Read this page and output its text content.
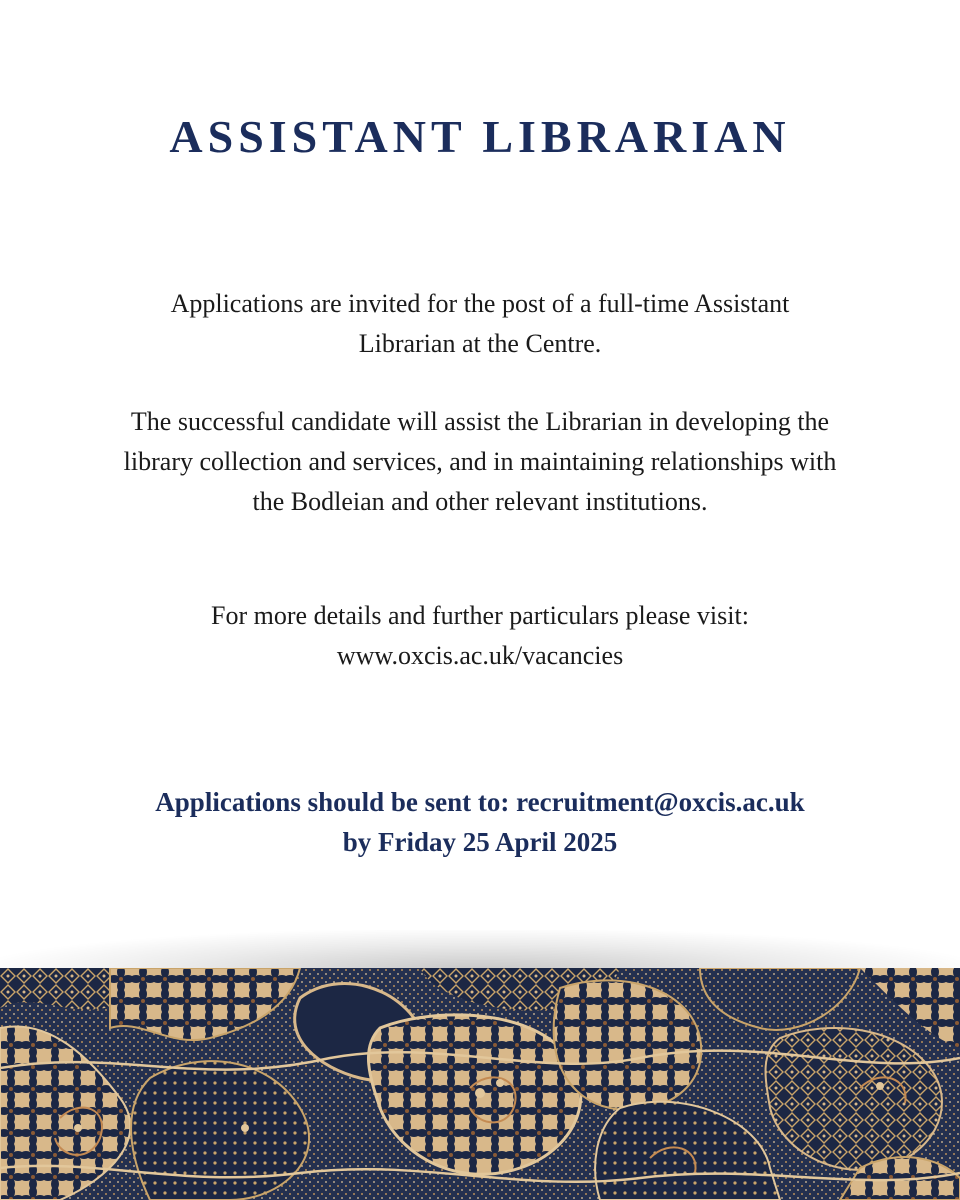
ASSISTANT LIBRARIAN

Applications are invited for the post of a full-time Assistant Librarian at the Centre.

The successful candidate will assist the Librarian in developing the library collection and services, and in maintaining relationships with the Bodleian and other relevant institutions.

For more details and further particulars please visit:
www.oxcis.ac.uk/vacancies

Applications should be sent to: recruitment@oxcis.ac.uk
by Friday 25 April 2025
